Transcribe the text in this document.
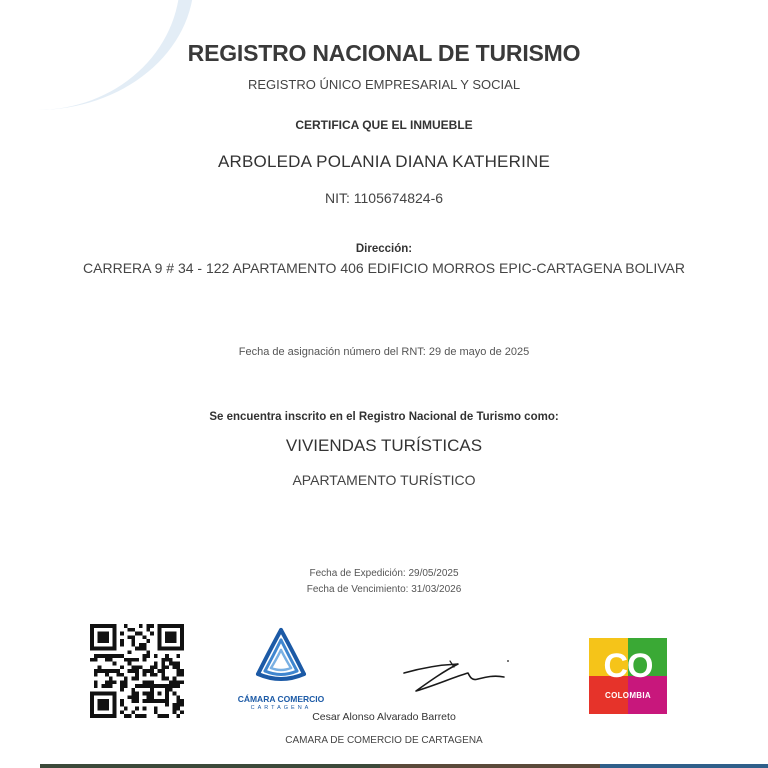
REGISTRO NACIONAL DE TURISMO
REGISTRO ÚNICO EMPRESARIAL Y SOCIAL
CERTIFICA QUE EL INMUEBLE
ARBOLEDA POLANIA DIANA KATHERINE
NIT: 1105674824-6
Dirección:
CARRERA 9 # 34 - 122 APARTAMENTO 406 EDIFICIO MORROS EPIC-CARTAGENA BOLIVAR
Fecha de asignación número del RNT: 29 de mayo de 2025
Se encuentra inscrito en el Registro Nacional de Turismo como:
VIVIENDAS TURÍSTICAS
APARTAMENTO TURÍSTICO
Fecha de Expedición: 29/05/2025
Fecha de Vencimiento: 31/03/2026
CÁMARA COMERCIO
CARTAGENA
Cesar Alonso Alvarado Barreto
CAMARA DE COMERCIO DE CARTAGENA
CO
COLOMBIA
